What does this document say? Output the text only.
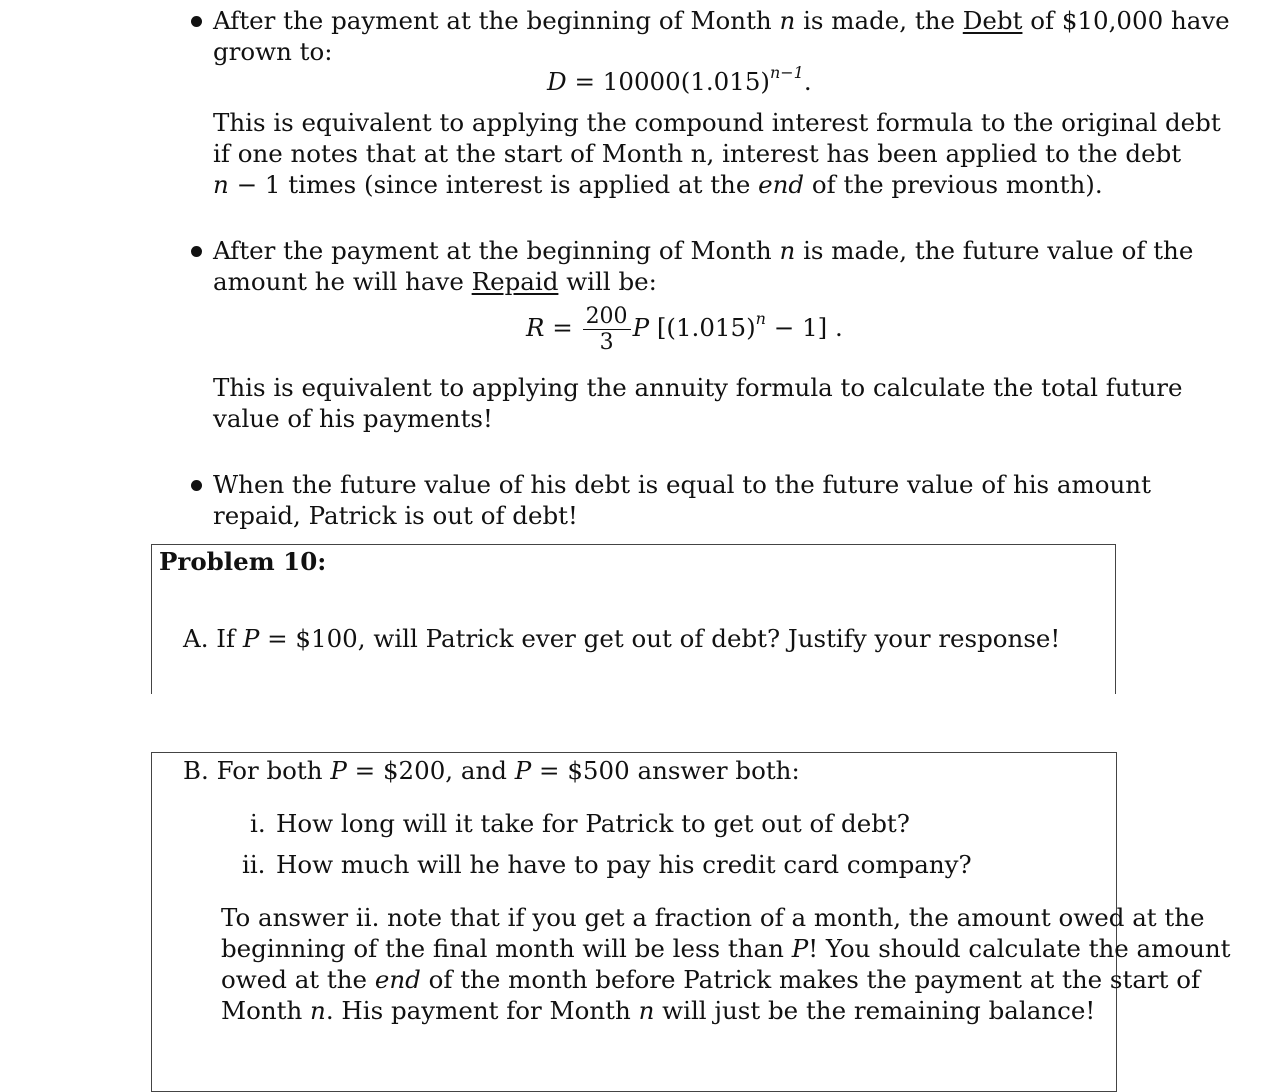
After the payment at the beginning of Month n is made, the Debt of $10,000 have
grown to:
$D = 10000(1.015)^{n-1}$.
This is equivalent to applying the compound interest formula to the original debt
if one notes that at the start of Month n, interest has been applied to the debt
n − 1 times (since interest is applied at the end of the previous month).
After the payment at the beginning of Month n is made, the future value of the
amount he will have Repaid will be:
$R = \frac{200}{3}$ P $[(1.015)^n - 1]$ .
This is equivalent to applying the annuity formula to calculate the total future
value of his payments!
When the future value of his debt is equal to the future value of his amount
repaid, Patrick is out of debt!
Problem 10:
A. If P = $100, will Patrick ever get out of debt? Justify your response!
B. For both P = $200, and P = $500 answer both:
i. How long will it take for Patrick to get out of debt?
ii. How much will he have to pay his credit card company?
To answer ii. note that if you get a fraction of a month, the amount owed at the
beginning of the final month will be less than P! You should calculate the amount
owed at the end of the month before Patrick makes the payment at the start of
Month n. His payment for Month n will just be the remaining balance!
